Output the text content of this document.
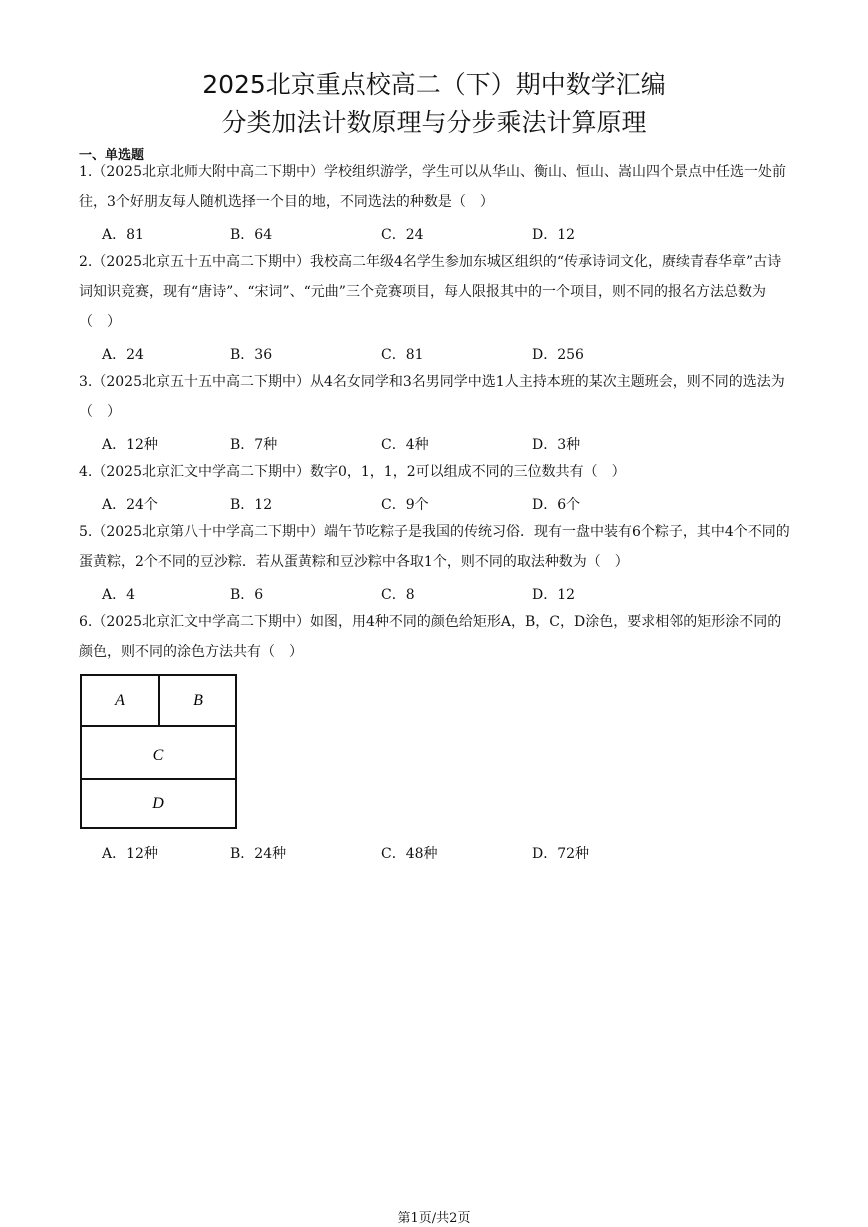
2025北京重点校高二（下）期中数学汇编
分类加法计数原理与分步乘法计算原理
一、单选题
1.（2025北京北师大附中高二下期中）学校组织游学，学生可以从华山、衡山、恒山、嵩山四个景点中任选一处前往，3个好朋友每人随机选择一个目的地，不同选法的种数是（　）
A．81	B．64	C．24	D．12
2.（2025北京五十五中高二下期中）我校高二年级4名学生参加东城区组织的“传承诗词文化，赓续青春华章”古诗词知识竞赛，现有“唐诗”、“宋词”、“元曲”三个竞赛项目，每人限报其中的一个项目，则不同的报名方法总数为（　）
A．24	B．36	C．81	D．256
3.（2025北京五十五中高二下期中）从4名女同学和3名男同学中选1人主持本班的某次主题班会，则不同的选法为（　）
A．12种	B．7种	C．4种	D．3种
4.（2025北京汇文中学高二下期中）数字0，1，1，2可以组成不同的三位数共有（　）
A．24个	B．12	C．9个	D．6个
5.（2025北京第八十中学高二下期中）端午节吃粽子是我国的传统习俗．现有一盘中装有6个粽子，其中4个不同的蛋黄粽，2个不同的豆沙粽．若从蛋黄粽和豆沙粽中各取1个，则不同的取法种数为（　）
A．4	B．6	C．8	D．12
6.（2025北京汇文中学高二下期中）如图，用4种不同的颜色给矩形A，B，C，D涂色，要求相邻的矩形涂不同的颜色，则不同的涂色方法共有（　）
A	B
C
D
A．12种	B．24种	C．48种	D．72种
第1页/共2页
